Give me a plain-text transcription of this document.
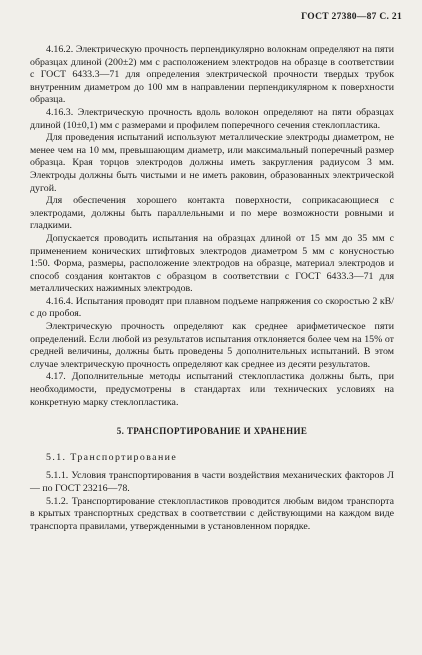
ГОСТ 27380—87 С. 21

4.16.2. Электрическую прочность перпендикулярно волокнам определяют на пяти образцах длиной (200±2) мм с расположением электродов на образце в соответствии с ГОСТ 6433.3—71 для определения электрической прочности твердых трубок внутренним диаметром до 100 мм в направлении перпендикулярном к поверхности образца.

4.16.3. Электрическую прочность вдоль волокон определяют на пяти образцах длиной (10±0,1) мм с размерами и профилем поперечного сечения стеклопластика.

Для проведения испытаний используют металлические электроды диаметром, не менее чем на 10 мм, превышающим диаметр, или максимальный поперечный размер образца. Края торцов электродов должны иметь закругления радиусом 3 мм. Электроды должны быть чистыми и не иметь раковин, образованных электрической дугой.

Для обеспечения хорошего контакта поверхности, соприкасающиеся с электродами, должны быть параллельными и по мере возможности ровными и гладкими.

Допускается проводить испытания на образцах длиной от 15 мм до 35 мм с применением конических штифтовых электродов диаметром 5 мм с конусностью 1:50. Форма, размеры, расположение электродов на образце, материал электродов и способ создания контактов с образцом в соответствии с ГОСТ 6433.3—71 для металлических нажимных электродов.

4.16.4. Испытания проводят при плавном подъеме напряжения со скоростью 2 кВ/с до пробоя.

Электрическую прочность определяют как среднее арифметическое пяти определений. Если любой из результатов испытания отклоняется более чем на 15% от средней величины, должны быть проведены 5 дополнительных испытаний. В этом случае электрическую прочность определяют как среднее из десяти результатов.

4.17. Дополнительные методы испытаний стеклопластика должны быть, при необходимости, предусмотрены в стандартах или технических условиях на конкретную марку стеклопластика.

5. ТРАНСПОРТИРОВАНИЕ И ХРАНЕНИЕ

5.1. Транспортирование

5.1.1. Условия транспортирования в части воздействия механических факторов Л — по ГОСТ 23216—78.

5.1.2. Транспортирование стеклопластиков проводится любым видом транспорта в крытых транспортных средствах в соответствии с действующими на каждом виде транспорта правилами, утвержденными в установленном порядке.
